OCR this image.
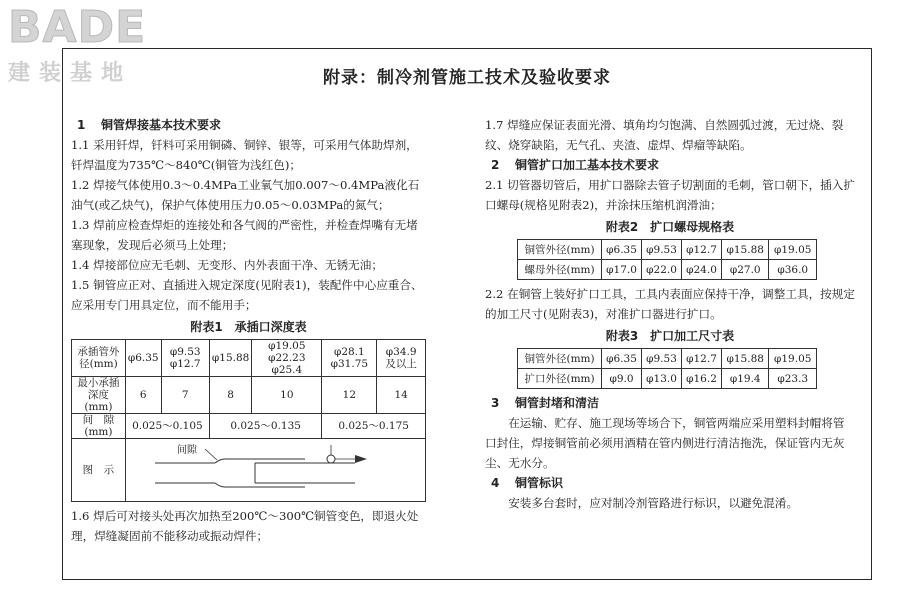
BADE
建装基地	附录：制冷剂管施工技术及验收要求
1 铜管焊接基本技术要求
1.1 采用钎焊，钎料可采用铜磷、铜锌、银等，可采用气体助焊剂，钎焊温度为735℃～840℃(铜管为浅红色)；
1.2 焊接气体使用0.3～0.4MPa工业氧气加0.007～0.4MPa液化石油气(或乙炔气)，保护气体使用压力0.05～0.03MPa的氮气；
1.3 焊前应检查焊炬的连接处和各气阀的严密性，并检查焊嘴有无堵塞现象，发现后必须马上处理；
1.4 焊接部位应无毛刺、无变形、内外表面干净、无锈无油；
1.5 铜管应正对、直插进入规定深度(见附表1)，装配件中心应重合、应采用专门用具定位，而不能用手；
附表1　承插口深度表
承插管外径(mm)	φ6.35	φ9.53 φ12.7	φ15.88	φ19.05 φ22.23 φ25.4	φ28.1 φ31.75	φ34.9 及以上
最小承插深度(mm)	6	7	8	10	12	14
间　隙(mm)	0.025～0.105		0.025～0.135		0.025～0.175	
图　示	间隙					
1.6 焊后可对接头处再次加热至200℃～300℃铜管变色，即退火处理，焊缝凝固前不能移动或振动焊件；
1.7 焊缝应保证表面光滑、填角均匀饱满、自然圆弧过渡，无过烧、裂纹、烧穿缺陷，无气孔、夹渣、虚焊、焊瘤等缺陷。
2 铜管扩口加工基本技术要求
2.1 切管器切管后，用扩口器除去管子切割面的毛刺，管口朝下，插入扩口螺母(规格见附表2)，并涂抹压缩机润滑油；
附表2　扩口螺母规格表
铜管外径(mm)	φ6.35	φ9.53	φ12.7	φ15.88	φ19.05
螺母外径(mm)	φ17.0	φ22.0	φ24.0	φ27.0	φ36.0
2.2 在铜管上装好扩口工具，工具内表面应保持干净，调整工具，按规定的加工尺寸(见附表3)，对准扩口器进行扩口。
附表3　扩口加工尺寸表
铜管外径(mm)	φ6.35	φ9.53	φ12.7	φ15.88	φ19.05
扩口外径(mm)	φ9.0	φ13.0	φ16.2	φ19.4	φ23.3
3 铜管封堵和清洁
在运输、贮存、施工现场等场合下，铜管两端应采用塑料封帽将管口封住，焊接铜管前必须用酒精在管内侧进行清洁拖洗，保证管内无灰尘、无水分。
4 铜管标识
安装多台套时，应对制冷剂管路进行标识，以避免混淆。
